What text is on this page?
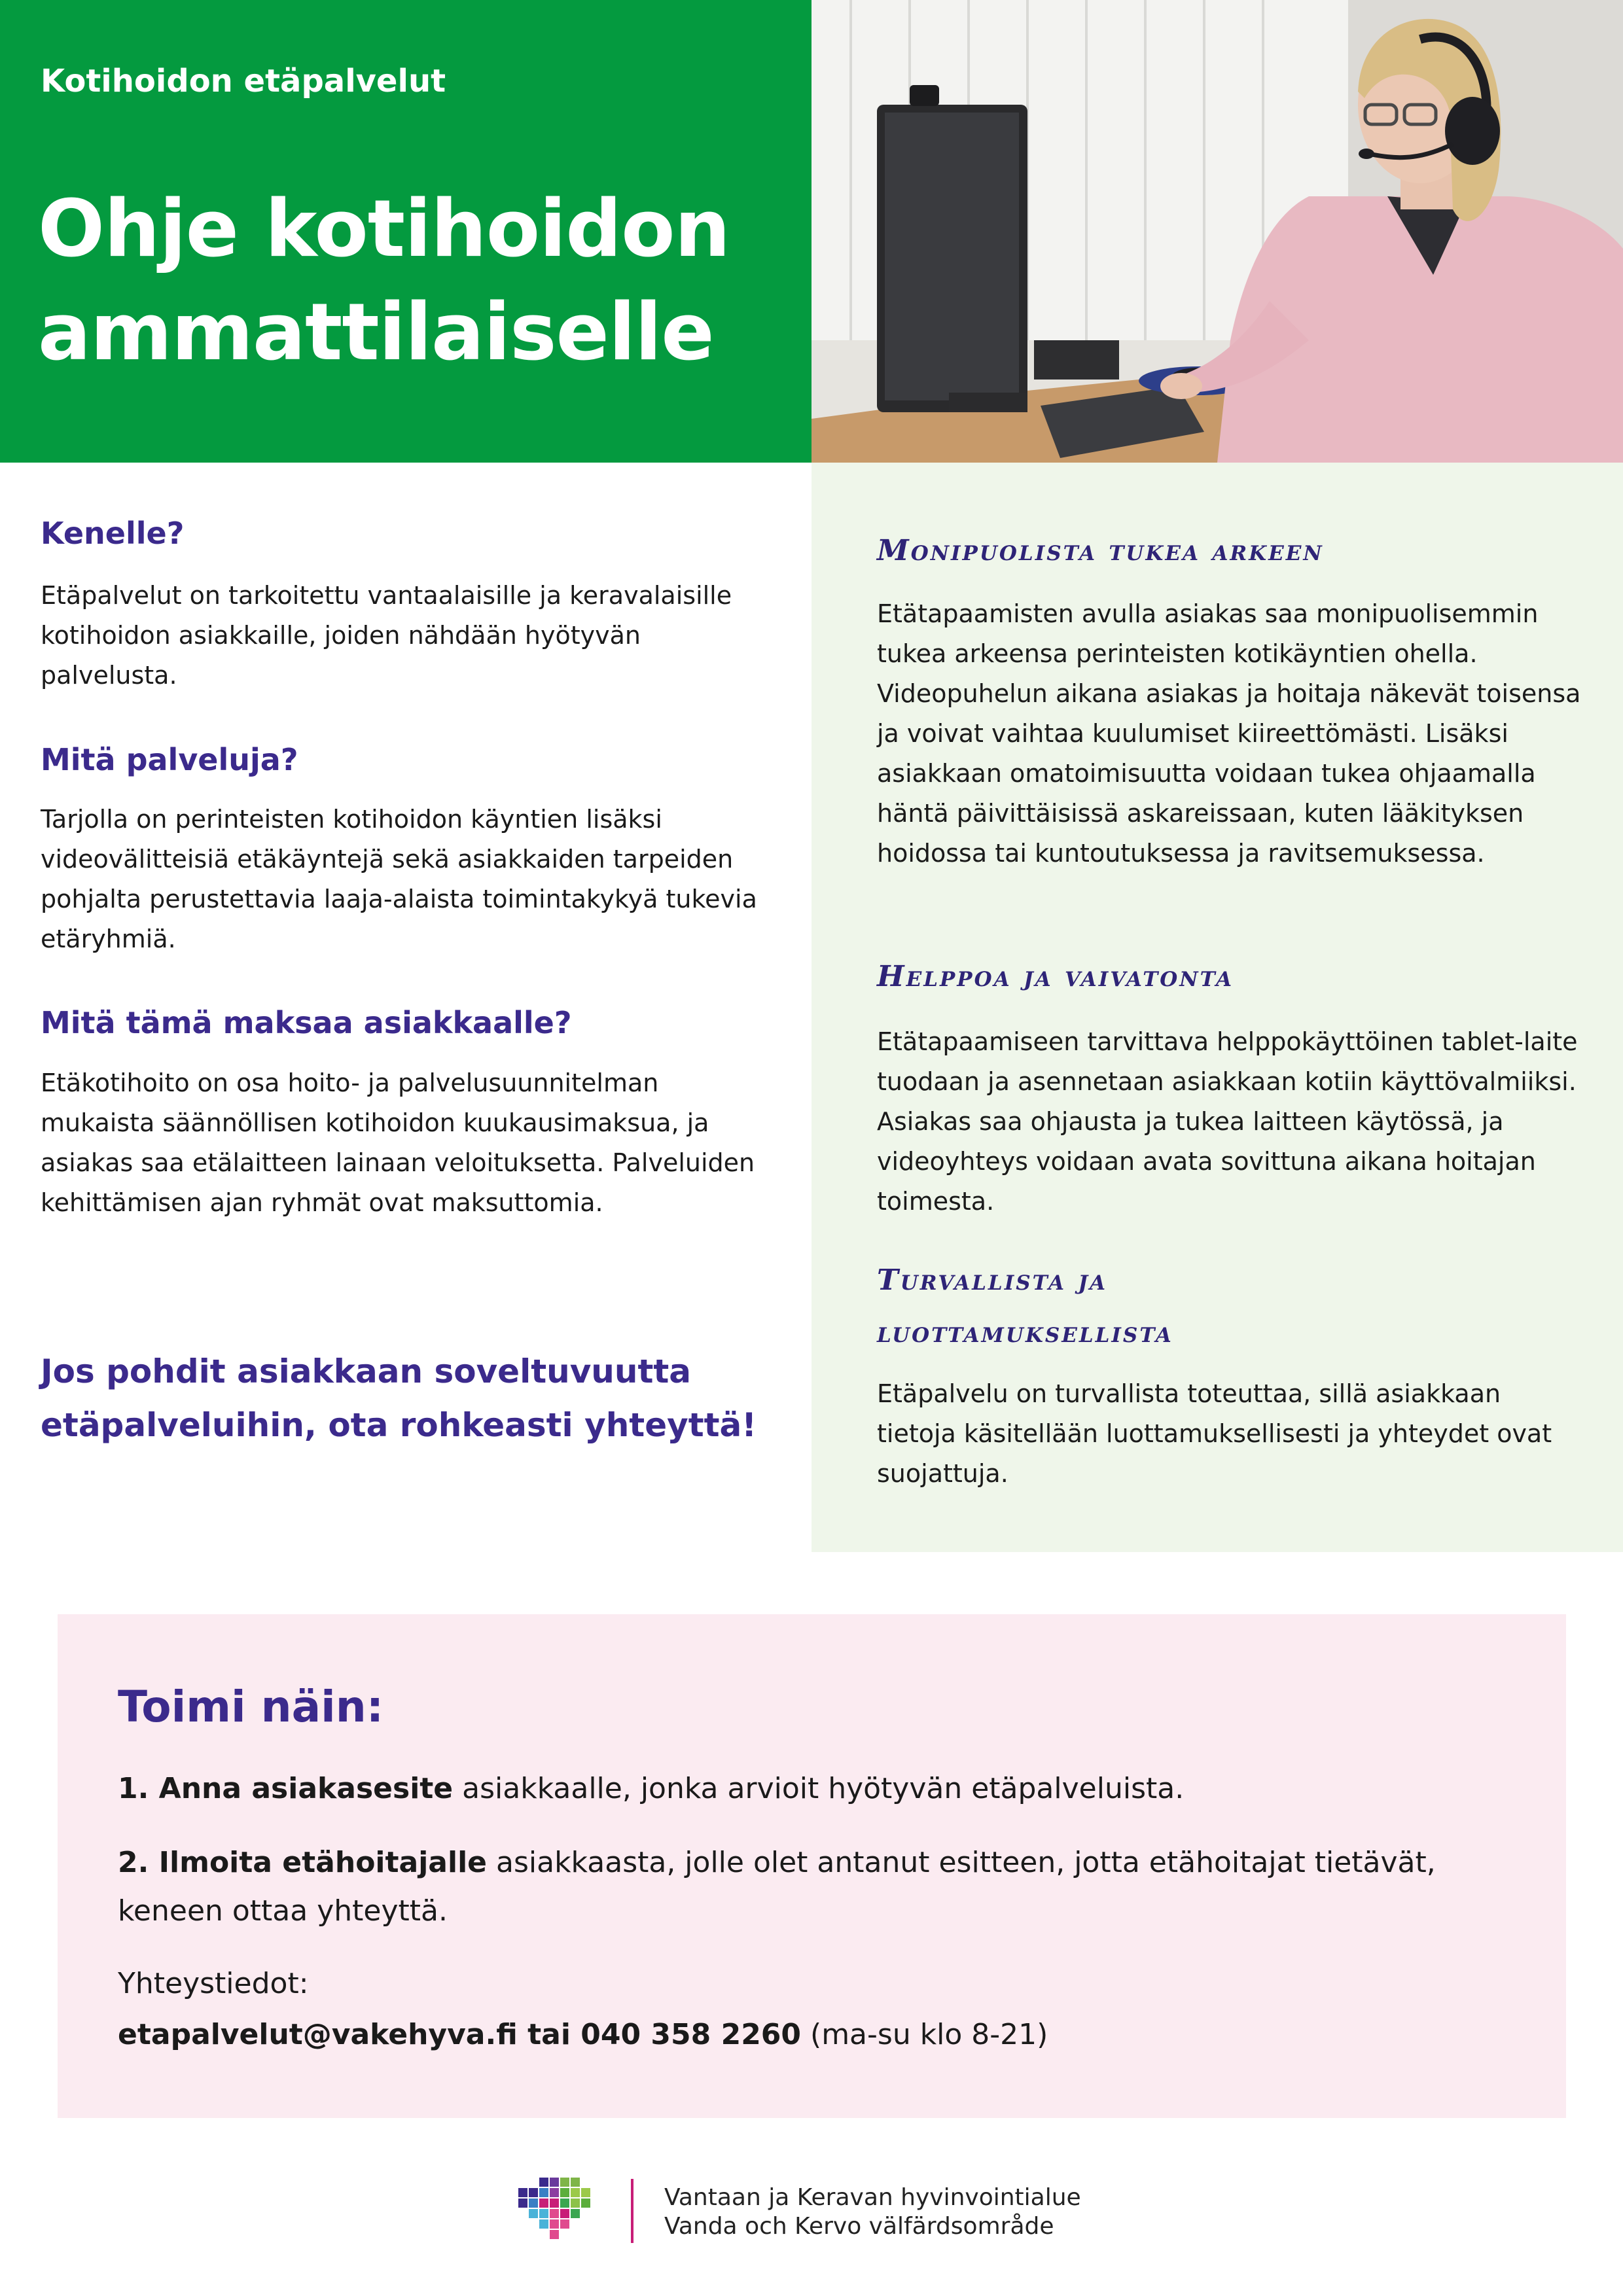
Kotihoidon etäpalvelut
Ohje kotihoidon
ammattilaiselle
Kenelle?
Etäpalvelut on tarkoitettu vantaalaisille ja keravalaisille kotihoidon asiakkaille, joiden nähdään hyötyvän palvelusta.
Mitä palveluja?
Tarjolla on perinteisten kotihoidon käyntien lisäksi videovälitteisiä etäkäyntejä sekä asiakkaiden tarpeiden pohjalta perustettavia laaja-alaista toimintakykyä tukevia etäryhmiä.
Mitä tämä maksaa asiakkaalle?
Etäkotihoito on osa hoito- ja palvelusuunnitelman mukaista säännöllisen kotihoidon kuukausimaksua, ja asiakas saa etälaitteen lainaan veloituksetta. Palveluiden kehittämisen ajan ryhmät ovat maksuttomia.
Jos pohdit asiakkaan soveltuvuutta etäpalveluihin, ota rohkeasti yhteyttä!
Monipuolista tukea arkeen
Etätapaamisten avulla asiakas saa monipuolisemmin tukea arkeensa perinteisten kotikäyntien ohella. Videopuhelun aikana asiakas ja hoitaja näkevät toisensa ja voivat vaihtaa kuulumiset kiireettömästi. Lisäksi asiakkaan omatoimisuutta voidaan tukea ohjaamalla häntä päivittäisissä askareissaan, kuten lääkityksen hoidossa tai kuntoutuksessa ja ravitsemuksessa.
Helppoa ja vaivatonta
Etätapaamiseen tarvittava helppokäyttöinen tablet-laite tuodaan ja asennetaan asiakkaan kotiin käyttövalmiiksi. Asiakas saa ohjausta ja tukea laitteen käytössä, ja videoyhteys voidaan avata sovittuna aikana hoitajan toimesta.
Turvallista ja
luottamuksellista
Etäpalvelu on turvallista toteuttaa, sillä asiakkaan tietoja käsitellään luottamuksellisesti ja yhteydet ovat suojattuja.
Toimi näin:
1. Anna asiakasesite asiakkaalle, jonka arvioit hyötyvän etäpalveluista.
2. Ilmoita etähoitajalle asiakkaasta, jolle olet antanut esitteen, jotta etähoitajat tietävät, keneen ottaa yhteyttä.
Yhteystiedot:
etapalvelut@vakehyva.fi tai 040 358 2260 (ma-su klo 8-21)
Vantaan ja Keravan hyvinvointialue
Vanda och Kervo välfärdsområde
